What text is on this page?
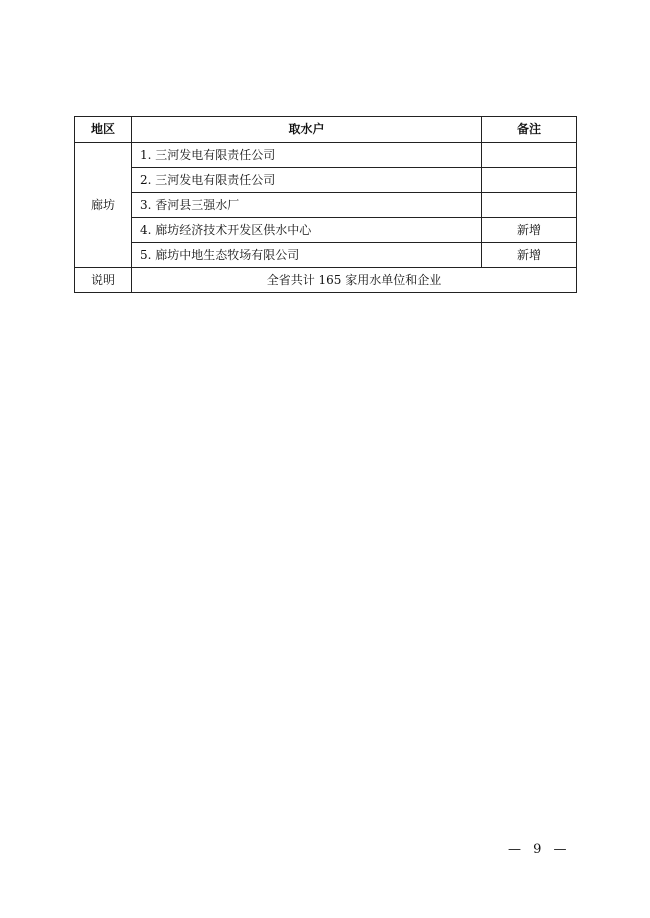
地区	取水户	备注
廊坊	1. 三河发电有限责任公司	
	2. 三河发电有限责任公司	
	3. 香河县三强水厂	
	4. 廊坊经济技术开发区供水中心	新增
	5. 廊坊中地生态牧场有限公司	新增
说明	全省共计 165 家用水单位和企业	
— 9 —
